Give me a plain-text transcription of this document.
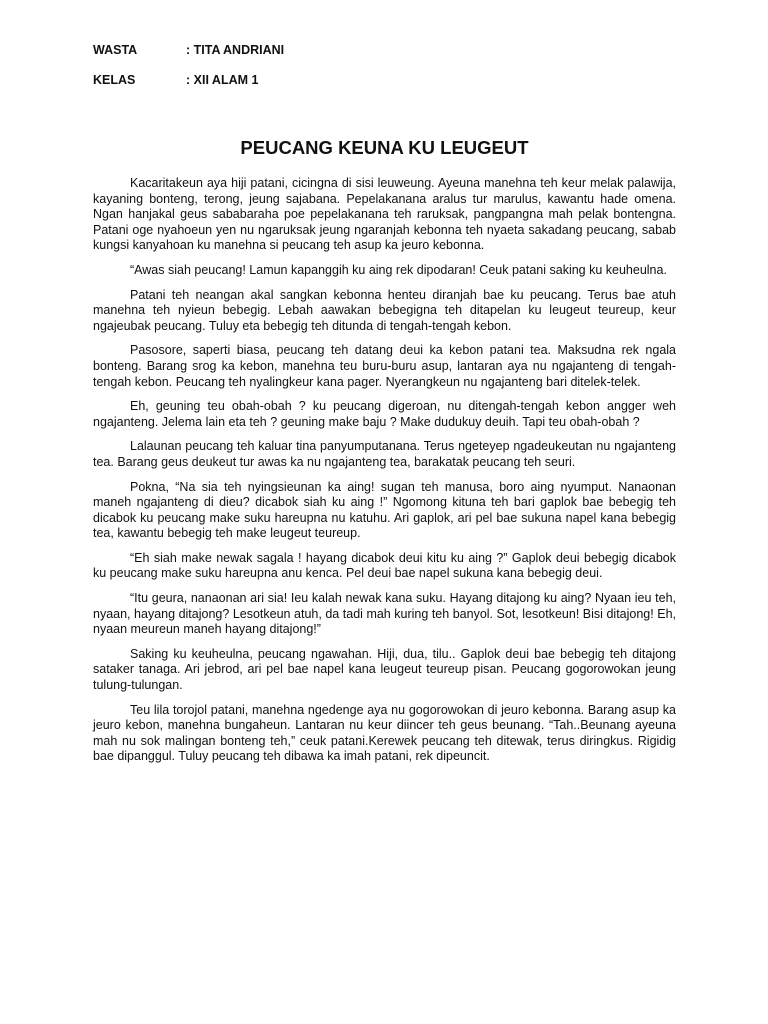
WASTA	: TITA ANDRIANI
KELAS	: XII ALAM 1
PEUCANG KEUNA KU LEUGEUT

Kacaritakeun aya hiji patani, cicingna di sisi leuweung. Ayeuna manehna teh keur melak palawija, kayaning bonteng, terong, jeung sajabana. Pepelakanana aralus tur marulus, kawantu hade omena. Ngan hanjakal geus sababaraha poe pepelakanana teh raruksak, pangpangna mah pelak bontengna. Patani oge nyahoeun yen nu ngaruksak jeung ngaranjah kebonna teh nyaeta sakadang peucang, sabab kungsi kanyahoan ku manehna si peucang teh asup ka jeuro kebonna.

“Awas siah peucang! Lamun kapanggih ku aing rek dipodaran! Ceuk patani saking ku keuheulna.

Patani teh neangan akal sangkan kebonna henteu diranjah bae ku peucang. Terus bae atuh manehna teh nyieun bebegig. Lebah aawakan bebegigna teh ditapelan ku leugeut teureup, keur ngajeubak peucang. Tuluy eta bebegig teh ditunda di tengah-tengah kebon.

Pasosore, saperti biasa, peucang teh datang deui ka kebon patani tea. Maksudna rek ngala bonteng. Barang srog ka kebon, manehna teu buru-buru asup, lantaran aya nu ngajanteng di tengah-tengah kebon. Peucang teh nyalingkeur kana pager. Nyerangkeun nu ngajanteng bari ditelek-telek.

Eh, geuning teu obah-obah ? ku peucang digeroan, nu ditengah-tengah kebon angger weh ngajanteng. Jelema lain eta teh ? geuning make baju ? Make dudukuy deuih. Tapi teu obah-obah ?

Lalaunan peucang teh kaluar tina panyumputanana. Terus ngeteyep ngadeukeutan nu ngajanteng tea. Barang geus deukeut tur awas ka nu ngajanteng tea, barakatak peucang teh seuri.

Pokna, “Na sia teh nyingsieunan ka aing! sugan teh manusa, boro aing nyumput. Nanaonan maneh ngajanteng di dieu? dicabok siah ku aing !” Ngomong kituna teh bari gaplok bae bebegig teh dicabok ku peucang make suku hareupna nu katuhu. Ari gaplok, ari pel bae sukuna napel kana bebegig tea, kawantu bebegig teh make leugeut teureup.

“Eh siah make newak sagala ! hayang dicabok deui kitu ku aing ?” Gaplok deui bebegig dicabok ku peucang make suku hareupna anu kenca. Pel deui bae napel sukuna kana bebegig deui.

“Itu geura, nanaonan ari sia! Ieu kalah newak kana suku. Hayang ditajong ku aing? Nyaan ieu teh, nyaan, hayang ditajong? Lesotkeun atuh, da tadi mah kuring teh banyol. Sot, lesotkeun! Bisi ditajong! Eh, nyaan meureun maneh hayang ditajong!”

Saking ku keuheulna, peucang ngawahan. Hiji, dua, tilu.. Gaplok deui bae bebegig teh ditajong sataker tanaga. Ari jebrod, ari pel bae napel kana leugeut teureup pisan. Peucang gogorowokan jeung tulung-tulungan.

Teu lila torojol patani, manehna ngedenge aya nu gogorowokan di jeuro kebonna. Barang asup ka jeuro kebon, manehna bungaheun. Lantaran nu keur diincer teh geus beunang. “Tah..Beunang ayeuna mah nu sok malingan bonteng teh,” ceuk patani.Kerewek peucang teh ditewak, terus diringkus. Rigidig bae dipanggul. Tuluy peucang teh dibawa ka imah patani, rek dipeuncit.
